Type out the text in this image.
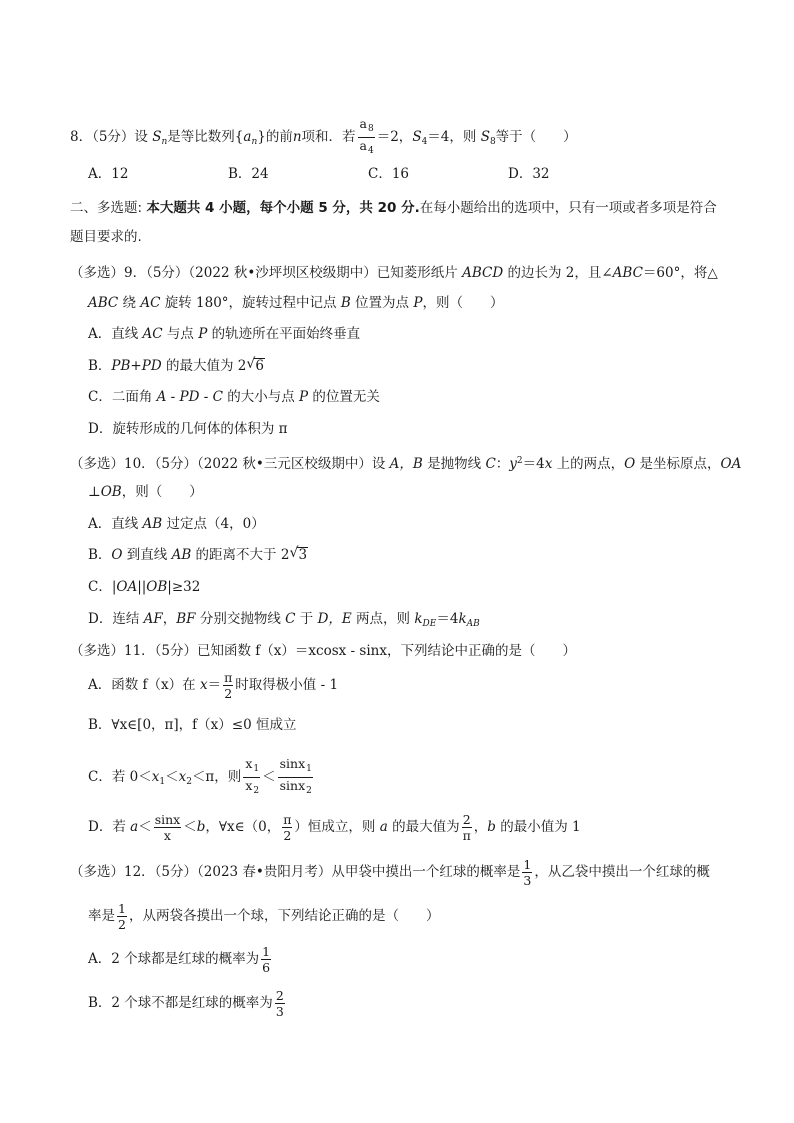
8．（5分）设 $S_n$是等比数列$\{a_n\}$的前n项和．若 $\frac{a_8}{a_4} =2$，$S_4=4$，则 $S_8$等于（　　）
A．12	B．24	C．16	D．32
二、多选题: 本大题共 4 小题，每个小题 5 分，共 20 分.在每小题给出的选项中，只有一项或者多项是符合
题目要求的.
（多选）9．（5分）（2022 秋•沙坪坝区校级期中）已知菱形纸片 ABCD 的边长为 2，且∠ABC＝60°，将△
ABC 绕 AC 旋转 180°，旋转过程中记点 B 位置为点 P，则（　　）
A．直线 AC 与点 P 的轨迹所在平面始终垂直
B．PB+PD 的最大值为 2 √ 6
C．二面角 A - PD - C 的大小与点 P 的位置无关
D．旋转形成的几何体的体积为 π
（多选）10．（5分）（2022 秋•三元区校级期中）设 A，B 是抛物线 C：$y^2=4x$ 上的两点，O 是坐标原点，OA
⊥OB，则（　　）
A．直线 AB 过定点（4，0）
B．O 到直线 AB 的距离不大于 2 √ 3
C．|OA||OB|≥32
D．连结 AF，BF 分别交抛物线 C 于 D，E 两点，则 $k_{DE}=4k_{AB}$
（多选）11．（5分）已知函数 f（x）＝xcosx - sinx，下列结论中正确的是（　　）
A．函数 f（x）在 $x= \frac{\pi}{2}$ 时取得极小值 - 1
B．∀x∈[0，π]，f（x）≤0 恒成立
C．若 $0<x_1<x_2<\pi$，则 $\frac{x_1}{x_2} < \frac{\sin x_1}{\sin x_2}$
D．若 $a< \frac{\sin x}{x} <b$，∀x∈（0， $\frac{\pi}{2}$ ）恒成立，则 a 的最大值为 $\frac{2}{\pi}$ ，b 的最小值为 1
（多选）12．（5分）（2023 春•贵阳月考）从甲袋中摸出一个红球的概率是 $\frac{1}{3}$ ，从乙袋中摸出一个红球的概
率是 $\frac{1}{2}$ ，从两袋各摸出一个球，下列结论正确的是（　　）
A．2 个球都是红球的概率为 $\frac{1}{6}$
B．2 个球不都是红球的概率为 $\frac{2}{3}$
